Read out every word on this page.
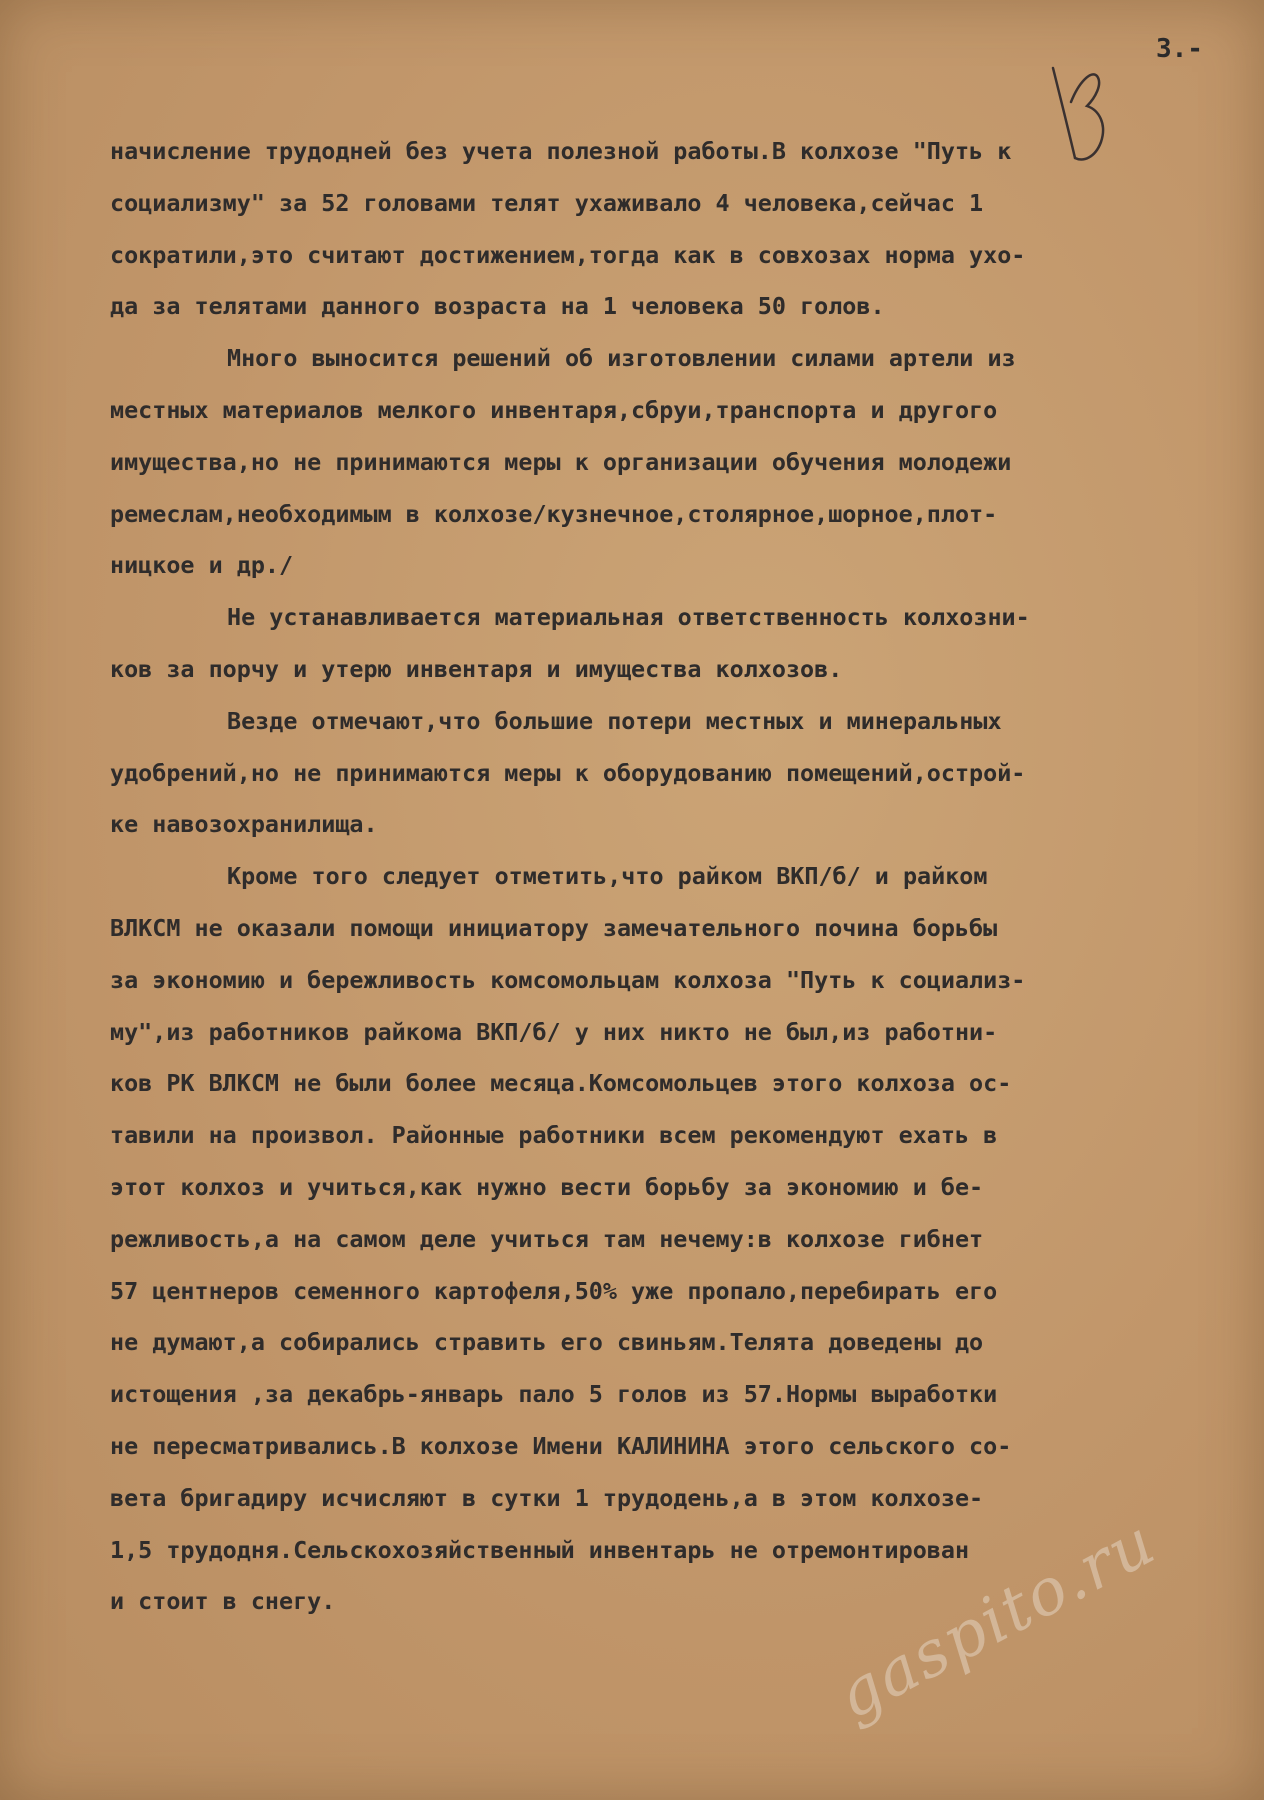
3.-
начисление трудодней без учета полезной работы.В колхозе "Путь к
социализму" за 52 головами телят ухаживало 4 человека,сейчас 1
сократили,это считают достижением,тогда как в совхозах норма ухо-
да за телятами данного возраста на 1 человека 50 голов.
Много выносится решений об изготовлении силами артели из
местных материалов мелкого инвентаря,сбруи,транспорта и другого
имущества,но не принимаются меры к организации обучения молодежи
ремеслам,необходимым в колхозе/кузнечное,столярное,шорное,плот-
ницкое и др./
Не устанавливается материальная ответственность колхозни-
ков за порчу и утерю инвентаря и имущества колхозов.
Везде отмечают,что большие потери местных и минеральных
удобрений,но не принимаются меры к оборудованию помещений,острой-
ке навозохранилища.
Кроме того следует отметить,что райком ВКП/б/ и райком
ВЛКСМ не оказали помощи инициатору замечательного почина борьбы
за экономию и бережливость комсомольцам колхоза "Путь к социализ-
му",из работников райкома ВКП/б/ у них никто не был,из работни-
ков РК ВЛКСМ не были более месяца.Комсомольцев этого колхоза ос-
тавили на произвол. Районные работники всем рекомендуют ехать в
этот колхоз и учиться,как нужно вести борьбу за экономию и бе-
режливость,а на самом деле учиться там нечему:в колхозе гибнет
57 центнеров семенного картофеля,50% уже пропало,перебирать его
не думают,а собирались стравить его свиньям.Телята доведены до
истощения ,за декабрь-январь пало 5 голов из 57.Нормы выработки
не пересматривались.В колхозе Имени КАЛИНИНА этого сельского со-
вета бригадиру исчисляют в сутки 1 трудодень,а в этом колхозе-
1,5 трудодня.Сельскохозяйственный инвентарь не отремонтирован
и стоит в снегу.	gaspito.ru
